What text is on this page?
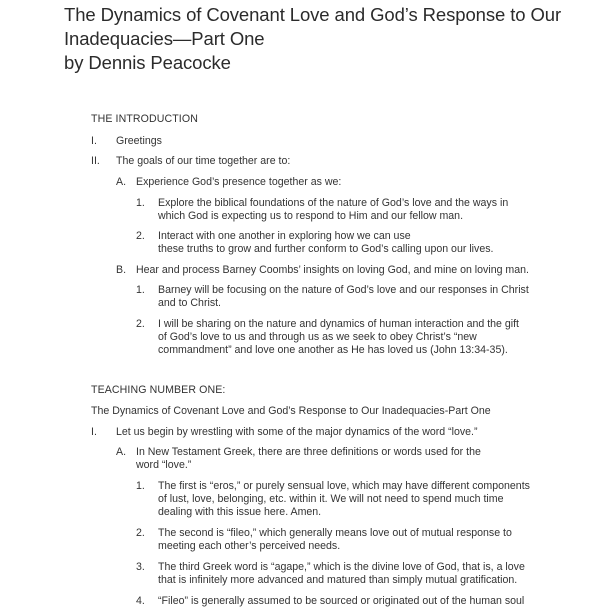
The Dynamics of Covenant Love and God’s Response to Our
Inadequacies—Part One
by Dennis Peacocke
THE INTRODUCTION
I. Greetings
II. The goals of our time together are to:
A. Experience God’s presence together as we:
1. Explore the biblical foundations of the nature of God’s love and the ways in
which God is expecting us to respond to Him and our fellow man.
2. Interact with one another in exploring how we can use
these truths to grow and further conform to God’s calling upon our lives.
B. Hear and process Barney Coombs’ insights on loving God, and mine on loving man.
1. Barney will be focusing on the nature of God’s love and our responses in Christ
and to Christ.
2. I will be sharing on the nature and dynamics of human interaction and the gift
of God’s love to us and through us as we seek to obey Christ’s “new
commandment” and love one another as He has loved us (John 13:34-35).
TEACHING NUMBER ONE:
The Dynamics of Covenant Love and God’s Response to Our Inadequacies-Part One
I. Let us begin by wrestling with some of the major dynamics of the word “love.”
A. In New Testament Greek, there are three definitions or words used for the
word “love.”
1. The first is “eros,” or purely sensual love, which may have different components
of lust, love, belonging, etc. within it. We will not need to spend much time
dealing with this issue here. Amen.
2. The second is “fileo,” which generally means love out of mutual response to
meeting each other’s perceived needs.
3. The third Greek word is “agape,” which is the divine love of God, that is, a love
that is infinitely more advanced and matured than simply mutual gratification.
4. “Fileo” is generally assumed to be sourced or originated out of the human soul
